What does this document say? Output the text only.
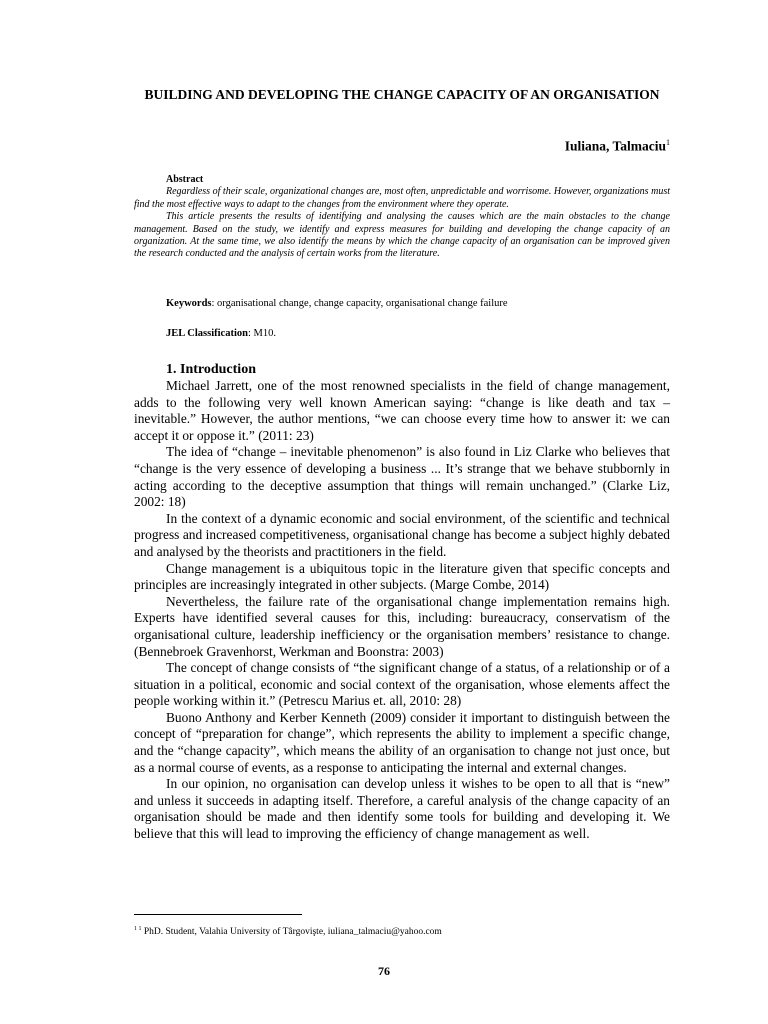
BUILDING AND DEVELOPING THE CHANGE CAPACITY OF AN ORGANISATION
Iuliana, Talmaciu$^1$

Abstract

Regardless of their scale, organizational changes are, most often, unpredictable and worrisome. However, organizations must find the most effective ways to adapt to the changes from the environment where they operate.

This article presents the results of identifying and analysing the causes which are the main obstacles to the change management. Based on the study, we identify and express measures for building and developing the change capacity of an organization. At the same time, we also identify the means by which the change capacity of an organisation can be improved given the research conducted and the analysis of certain works from the literature.

Keywords: organisational change, change capacity, organisational change failure

JEL Classification: M10.

1. Introduction

Michael Jarrett, one of the most renowned specialists in the field of change management, adds to the following very well known American saying: “change is like death and tax – inevitable.” However, the author mentions, “we can choose every time how to answer it: we can accept it or oppose it.” (2011: 23)

The idea of “change – inevitable phenomenon” is also found in Liz Clarke who believes that “change is the very essence of developing a business ... It’s strange that we behave stubbornly in acting according to the deceptive assumption that things will remain unchanged.” (Clarke Liz, 2002: 18)

In the context of a dynamic economic and social environment, of the scientific and technical progress and increased competitiveness, organisational change has become a subject highly debated and analysed by the theorists and practitioners in the field.

Change management is a ubiquitous topic in the literature given that specific concepts and principles are increasingly integrated in other subjects. (Marge Combe, 2014)

Nevertheless, the failure rate of the organisational change implementation remains high. Experts have identified several causes for this, including: bureaucracy, conservatism of the organisational culture, leadership inefficiency or the organisation members’ resistance to change. (Bennebroek Gravenhorst, Werkman and Boonstra: 2003)

The concept of change consists of “the significant change of a status, of a relationship or of a situation in a political, economic and social context of the organisation, whose elements affect the people working within it.” (Petrescu Marius et. all, 2010: 28)

Buono Anthony and Kerber Kenneth (2009) consider it important to distinguish between the concept of “preparation for change”, which represents the ability to implement a specific change, and the “change capacity”, which means the ability of an organisation to change not just once, but as a normal course of events, as a response to anticipating the internal and external changes.

In our opinion, no organisation can develop unless it wishes to be open to all that is “new” and unless it succeeds in adapting itself. Therefore, a careful analysis of the change capacity of an organisation should be made and then identify some tools for building and developing it. We believe that this will lead to improving the efficiency of change management as well.

$^{1 1}$ PhD. Student, Valahia University of Târgovişte, iuliana_talmaciu@yahoo.com
76
